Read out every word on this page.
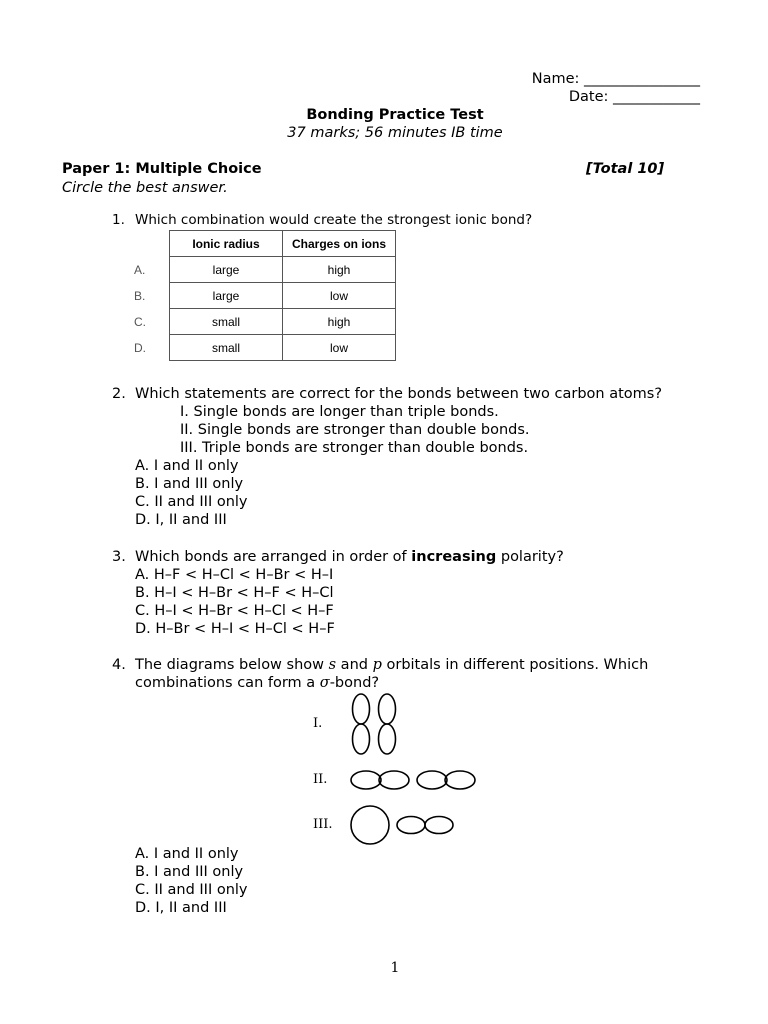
Name: ________________
Date: ____________
Bonding Practice Test
37 marks; 56 minutes IB time
Paper 1: Multiple Choice	[Total 10]
Circle the best answer.
1. Which combination would create the strongest ionic bond?
	Ionic radius	Charges on ions
A.	large	high
B.	large	low
C.	small	high
D.	small	low
2. Which statements are correct for the bonds between two carbon atoms?
I. Single bonds are longer than triple bonds.
II. Single bonds are stronger than double bonds.
III. Triple bonds are stronger than double bonds.
A. I and II only
B. I and III only
C. II and III only
D. I, II and III
3. Which bonds are arranged in order of increasing polarity?
A. H–F < H–Cl < H–Br < H–I
B. H–I < H–Br < H–F < H–Cl
C. H–I < H–Br < H–Cl < H–F
D. H–Br < H–I < H–Cl < H–F
4. The diagrams below show s and p orbitals in different positions. Which
combinations can form a σ-bond?
I.
II.
III.
A. I and II only
B. I and III only
C. II and III only
D. I, II and III
1
